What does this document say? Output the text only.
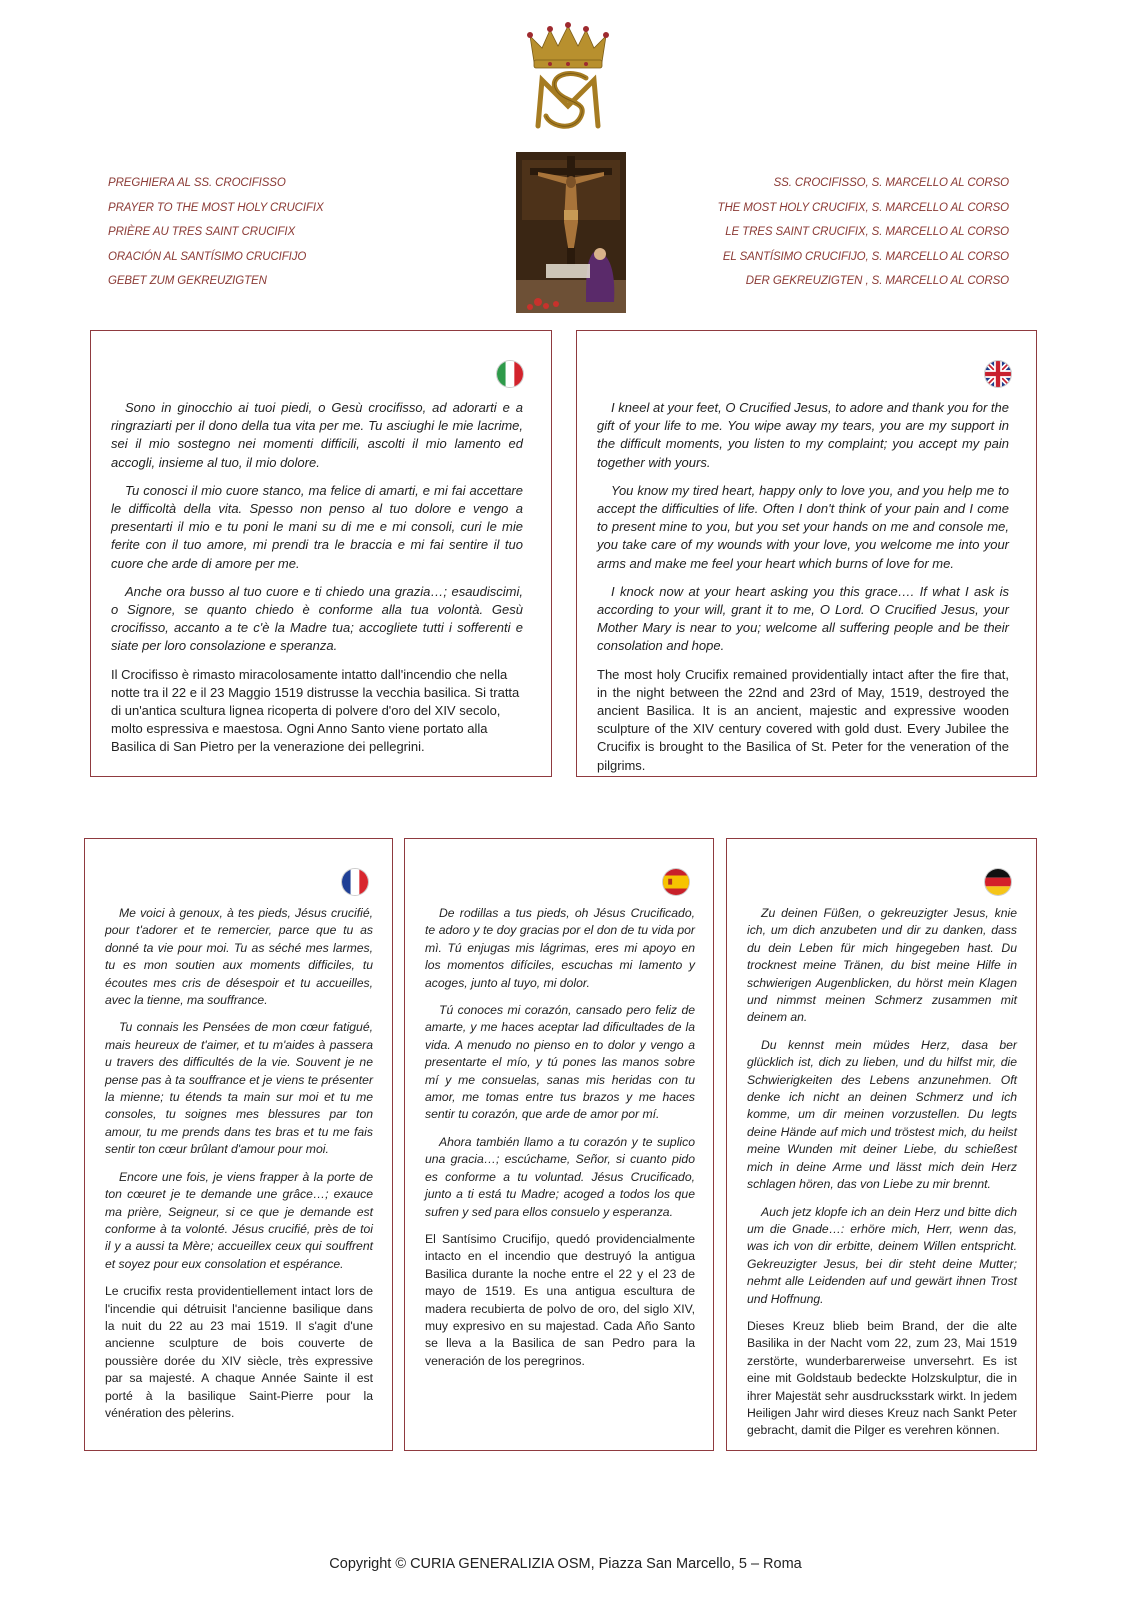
PREGHIERA AL SS. CROCIFISSO
PRAYER TO THE MOST HOLY CRUCIFIX
PRIÈRE AU TRES SAINT CRUCIFIX
ORACIÓN AL SANTÍSIMO CRUCIFIJO
GEBET ZUM GEKREUZIGTEN
SS. CROCIFISSO, S. MARCELLO AL CORSO
THE MOST HOLY CRUCIFIX, S. MARCELLO AL CORSO
LE TRES SAINT CRUCIFIX, S. MARCELLO AL CORSO
EL SANTÍSIMO CRUCIFIJO, S. MARCELLO AL CORSO
DER GEKREUZIGTEN , S. MARCELLO AL CORSO

Sono in ginocchio ai tuoi piedi, o Gesù crocifisso, ad adorarti e a ringraziarti per il dono della tua vita per me. Tu asciughi le mie lacrime, sei il mio sostegno nei momenti difficili, ascolti il mio lamento ed accogli, insieme al tuo, il mio dolore.

Tu conosci il mio cuore stanco, ma felice di amarti, e mi fai accettare le difficoltà della vita. Spesso non penso al tuo dolore e vengo a presentarti il mio e tu poni le mani su di me e mi consoli, curi le mie ferite con il tuo amore, mi prendi tra le braccia e mi fai sentire il tuo cuore che arde di amore per me.

Anche ora busso al tuo cuore e ti chiedo una grazia…; esaudiscimi, o Signore, se quanto chiedo è conforme alla tua volontà. Gesù crocifisso, accanto a te c'è la Madre tua; accogliete tutti i sofferenti e siate per loro consolazione e speranza.

Il Crocifisso è rimasto miracolosamente intatto dall'incendio che nella notte tra il 22 e il 23 Maggio 1519 distrusse la vecchia basilica. Si tratta di un'antica scultura lignea ricoperta di polvere d'oro del XIV secolo, molto espressiva e maestosa. Ogni Anno Santo viene portato alla Basilica di San Pietro per la venerazione dei pellegrini.

I kneel at your feet, O Crucified Jesus, to adore and thank you for the gift of your life to me. You wipe away my tears, you are my support in the difficult moments, you listen to my complaint; you accept my pain together with yours.

You know my tired heart, happy only to love you, and you help me to accept the difficulties of life. Often I don't think of your pain and I come to present mine to you, but you set your hands on me and console me, you take care of my wounds with your love, you welcome me into your arms and make me feel your heart which burns of love for me.

I knock now at your heart asking you this grace…. If what I ask is according to your will, grant it to me, O Lord. O Crucified Jesus, your Mother Mary is near to you; welcome all suffering people and be their consolation and hope.

The most holy Crucifix remained providentially intact after the fire that, in the night between the 22nd and 23rd of May, 1519, destroyed the ancient Basilica. It is an ancient, majestic and expressive wooden sculpture of the XIV century covered with gold dust. Every Jubilee the Crucifix is brought to the Basilica of St. Peter for the veneration of the pilgrims.

Me voici à genoux, à tes pieds, Jésus crucifié, pour t'adorer et te remercier, parce que tu as donné ta vie pour moi. Tu as séché mes larmes, tu es mon soutien aux moments difficiles, tu écoutes mes cris de désespoir et tu accueilles, avec la tienne, ma souffrance.

Tu connais les Pensées de mon cœur fatigué, mais heureux de t'aimer, et tu m'aides à passera u travers des difficultés de la vie. Souvent je ne pense pas à ta souffrance et je viens te présenter la mienne; tu étends ta main sur moi et tu me consoles, tu soignes mes blessures par ton amour, tu me prends dans tes bras et tu me fais sentir ton cœur brûlant d'amour pour moi.

Encore une fois, je viens frapper à la porte de ton cœuret je te demande une grâce…; exauce ma prière, Seigneur, si ce que je demande est conforme à ta volonté. Jésus crucifié, près de toi il y a aussi ta Mère; accueillex ceux qui souffrent et soyez pour eux consolation et espérance.

Le crucifix resta providentiellement intact lors de l'incendie qui détruisit l'ancienne basilique dans la nuit du 22 au 23 mai 1519. Il s'agit d'une ancienne sculpture de bois couverte de poussière dorée du XIV siècle, très expressive par sa majesté. A chaque Année Sainte il est porté à la basilique Saint-Pierre pour la vénération des pèlerins.

De rodillas a tus pieds, oh Jésus Crucificado, te adoro y te doy gracias por el don de tu vida por mì. Tú enjugas mis lágrimas, eres mi apoyo en los momentos difíciles, escuchas mi lamento y acoges, junto al tuyo, mi dolor.

Tú conoces mi corazón, cansado pero feliz de amarte, y me haces aceptar lad dificultades de la vida. A menudo no pienso en to dolor y vengo a presentarte el mío, y tú pones las manos sobre mí y me consuelas, sanas mis heridas con tu amor, me tomas entre tus brazos y me haces sentir tu corazón, que arde de amor por mí.

Ahora también llamo a tu corazón y te suplico una gracia…; escúchame, Señor, si cuanto pido es conforme a tu voluntad. Jésus Crucificado, junto a ti está tu Madre; acoged a todos los que sufren y sed para ellos consuelo y esperanza.

El Santísimo Crucifijo, quedó providencialmente intacto en el incendio que destruyó la antigua Basilica durante la noche entre el 22 y el 23 de mayo de 1519. Es una antigua escultura de madera recubierta de polvo de oro, del siglo XIV, muy expresivo en su majestad. Cada Año Santo se lleva a la Basilica de san Pedro para la veneración de los peregrinos.

Zu deinen Füßen, o gekreuzigter Jesus, knie ich, um dich anzubeten und dir zu danken, dass du dein Leben für mich hingegeben hast. Du trocknest meine Tränen, du bist meine Hilfe in schwierigen Augenblicken, du hörst mein Klagen und nimmst meinen Schmerz zusammen mit deinem an.

Du kennst mein müdes Herz, dasa ber glücklich ist, dich zu lieben, und du hilfst mir, die Schwierigkeiten des Lebens anzunehmen. Oft denke ich nicht an deinen Schmerz und ich komme, um dir meinen vorzustellen. Du legts deine Hände auf mich und tröstest mich, du heilst meine Wunden mit deiner Liebe, du schießest mich in deine Arme und lässt mich dein Herz schlagen hören, das von Liebe zu mir brennt.

Auch jetz klopfe ich an dein Herz und bitte dich um die Gnade…: erhöre mich, Herr, wenn das, was ich von dir erbitte, deinem Willen entspricht. Gekreuzigter Jesus, bei dir steht deine Mutter; nehmt alle Leidenden auf und gewärt ihnen Trost und Hoffnung.

Dieses Kreuz blieb beim Brand, der die alte Basilika in der Nacht vom 22, zum 23, Mai 1519 zerstörte, wunderbarerweise unversehrt. Es ist eine mit Goldstaub bedeckte Holzskulptur, die in ihrer Majestät sehr ausdrucksstark wirkt. In jedem Heiligen Jahr wird dieses Kreuz nach Sankt Peter gebracht, damit die Pilger es verehren können.

Copyright © CURIA GENERALIZIA OSM, Piazza San Marcello, 5 – Roma
